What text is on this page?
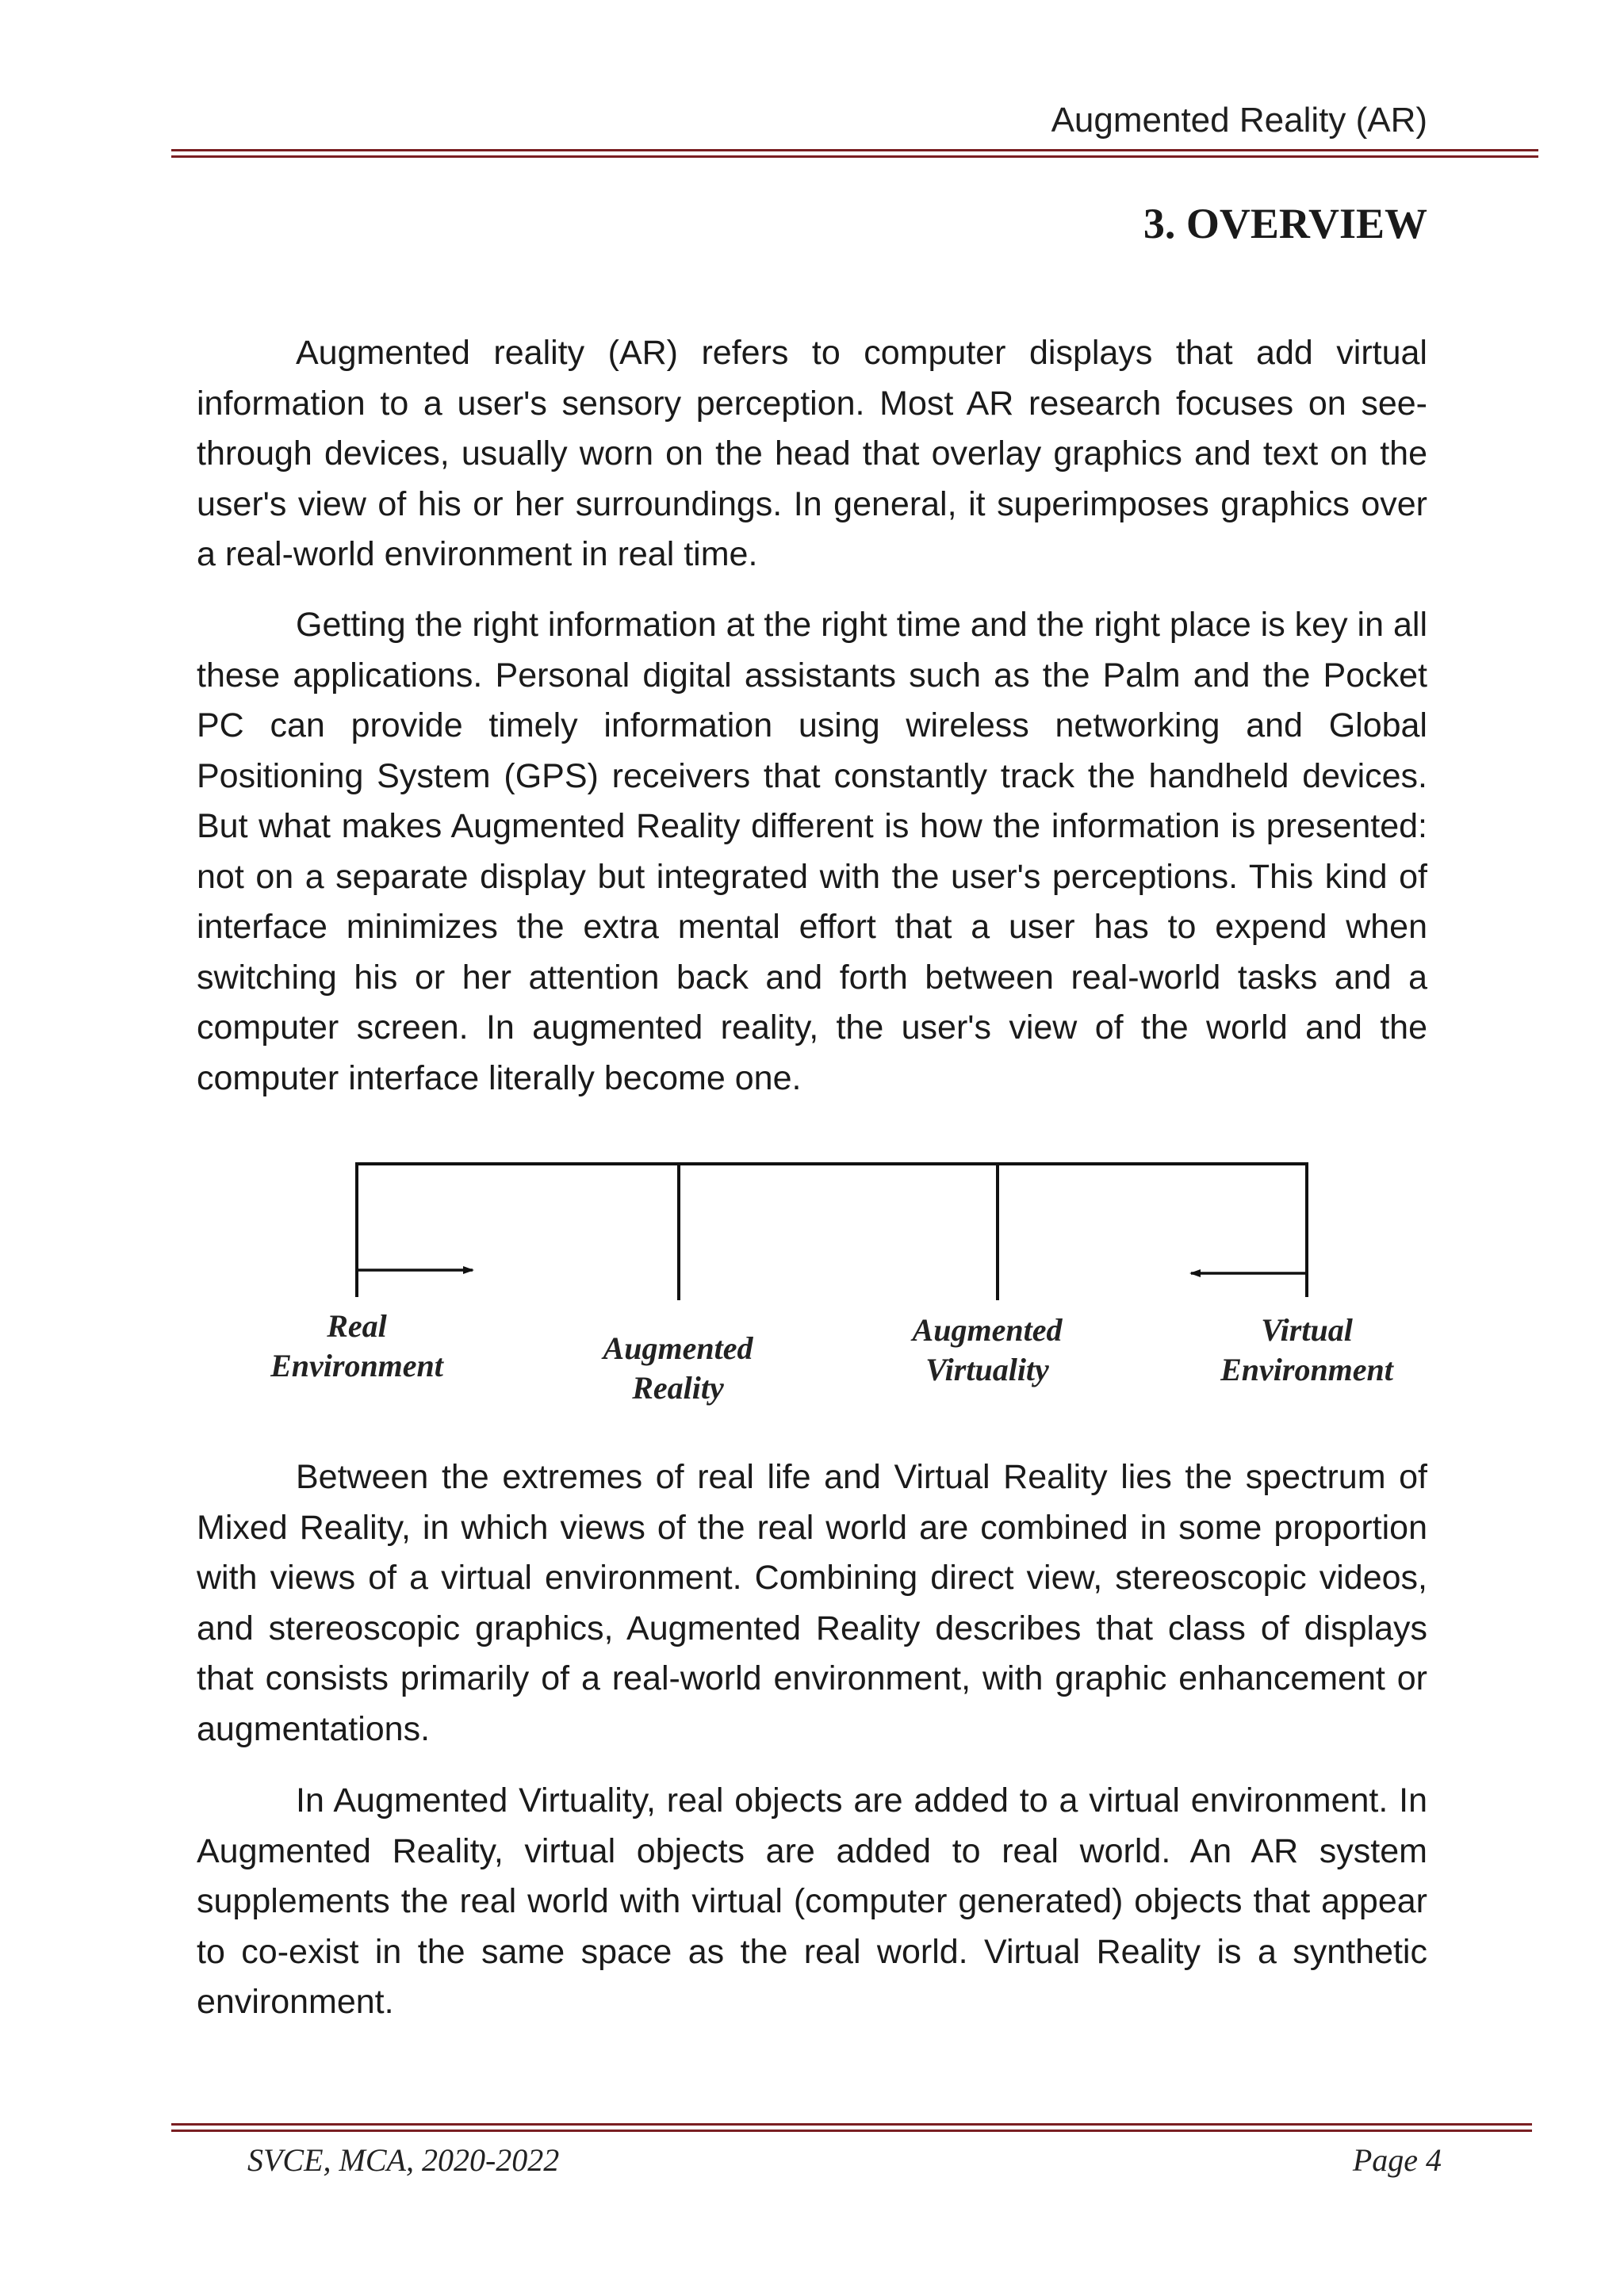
Augmented Reality (AR)
3. OVERVIEW

Augmented reality (AR) refers to computer displays that add virtual information to a user's sensory perception. Most AR research focuses on see-through devices, usually worn on the head that overlay graphics and text on the user's view of his or her surroundings. In general, it superimposes graphics over a real-world environment in real time.

Getting the right information at the right time and the right place is key in all these applications. Personal digital assistants such as the Palm and the Pocket PC can provide timely information using wireless networking and Global Positioning System (GPS) receivers that constantly track the handheld devices. But what makes Augmented Reality different is how the information is presented: not on a separate display but integrated with the user's perceptions. This kind of interface minimizes the extra mental effort that a user has to expend when switching his or her attention back and forth between real-world tasks and a computer screen. In augmented reality, the user's view of the world and the computer interface literally become one.

Real
Environment	Augmented
Reality
Augmented
Virtuality
Virtual
Environment

Between the extremes of real life and Virtual Reality lies the spectrum of Mixed Reality, in which views of the real world are combined in some proportion with views of a virtual environment. Combining direct view, stereoscopic videos, and stereoscopic graphics, Augmented Reality describes that class of displays that consists primarily of a real-world environment, with graphic enhancement or augmentations.

In Augmented Virtuality, real objects are added to a virtual environment. In Augmented Reality, virtual objects are added to real world. An AR system supplements the real world with virtual (computer generated) objects that appear to co-exist in the same space as the real world. Virtual Reality is a synthetic environment.

SVCE, MCA, 2020-2022	Page 4
